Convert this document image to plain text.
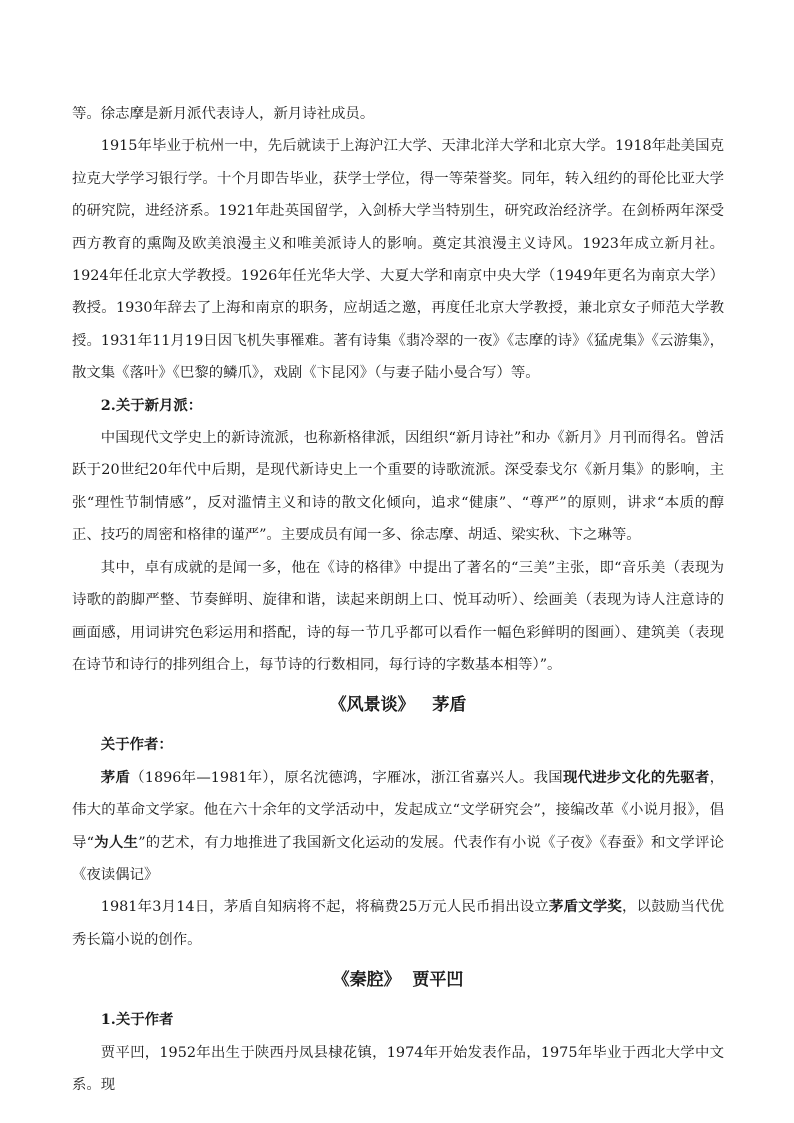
等。徐志摩是新月派代表诗人，新月诗社成员。

1915年毕业于杭州一中，先后就读于上海沪江大学、天津北洋大学和北京大学。1918年赴美国克拉克大学学习银行学。十个月即告毕业，获学士学位，得一等荣誉奖。同年，转入纽约的哥伦比亚大学的研究院，进经济系。1921年赴英国留学，入剑桥大学当特别生，研究政治经济学。在剑桥两年深受西方教育的熏陶及欧美浪漫主义和唯美派诗人的影响。奠定其浪漫主义诗风。1923年成立新月社。1924年任北京大学教授。1926年任光华大学、大夏大学和南京中央大学（1949年更名为南京大学）教授。1930年辞去了上海和南京的职务，应胡适之邀，再度任北京大学教授，兼北京女子师范大学教授。1931年11月19日因飞机失事罹难。著有诗集《翡冷翠的一夜》《志摩的诗》《猛虎集》《云游集》，散文集《落叶》《巴黎的鳞爪》，戏剧《卞昆冈》（与妻子陆小曼合写）等。

2.关于新月派：

中国现代文学史上的新诗流派，也称新格律派，因组织“新月诗社”和办《新月》月刊而得名。曾活跃于20世纪20年代中后期，是现代新诗史上一个重要的诗歌流派。深受泰戈尔《新月集》的影响，主张“理性节制情感”，反对滥情主义和诗的散文化倾向，追求“健康”、“尊严”的原则，讲求“本质的醇正、技巧的周密和格律的谨严”。主要成员有闻一多、徐志摩、胡适、梁实秋、卞之琳等。

其中，卓有成就的是闻一多，他在《诗的格律》中提出了著名的“三美”主张，即“音乐美（表现为诗歌的韵脚严整、节奏鲜明、旋律和谐，读起来朗朗上口、悦耳动听）、绘画美（表现为诗人注意诗的画面感，用词讲究色彩运用和搭配，诗的每一节几乎都可以看作一幅色彩鲜明的图画）、建筑美（表现在诗节和诗行的排列组合上，每节诗的行数相同，每行诗的字数基本相等）”。

《风景谈》 茅盾

关于作者：

茅盾（1896年—1981年），原名沈德鸿，字雁冰，浙江省嘉兴人。我国现代进步文化的先驱者，伟大的革命文学家。他在六十余年的文学活动中，发起成立“文学研究会”，接编改革《小说月报》，倡导“为人生”的艺术，有力地推进了我国新文化运动的发展。代表作有小说《子夜》《春蚕》和文学评论《夜读偶记》

1981年3月14日，茅盾自知病将不起，将稿费25万元人民币捐出设立茅盾文学奖，以鼓励当代优秀长篇小说的创作。

《秦腔》 贾平凹

1.关于作者

贾平凹，1952年出生于陕西丹凤县棣花镇，1974年开始发表作品，1975年毕业于西北大学中文系。现
